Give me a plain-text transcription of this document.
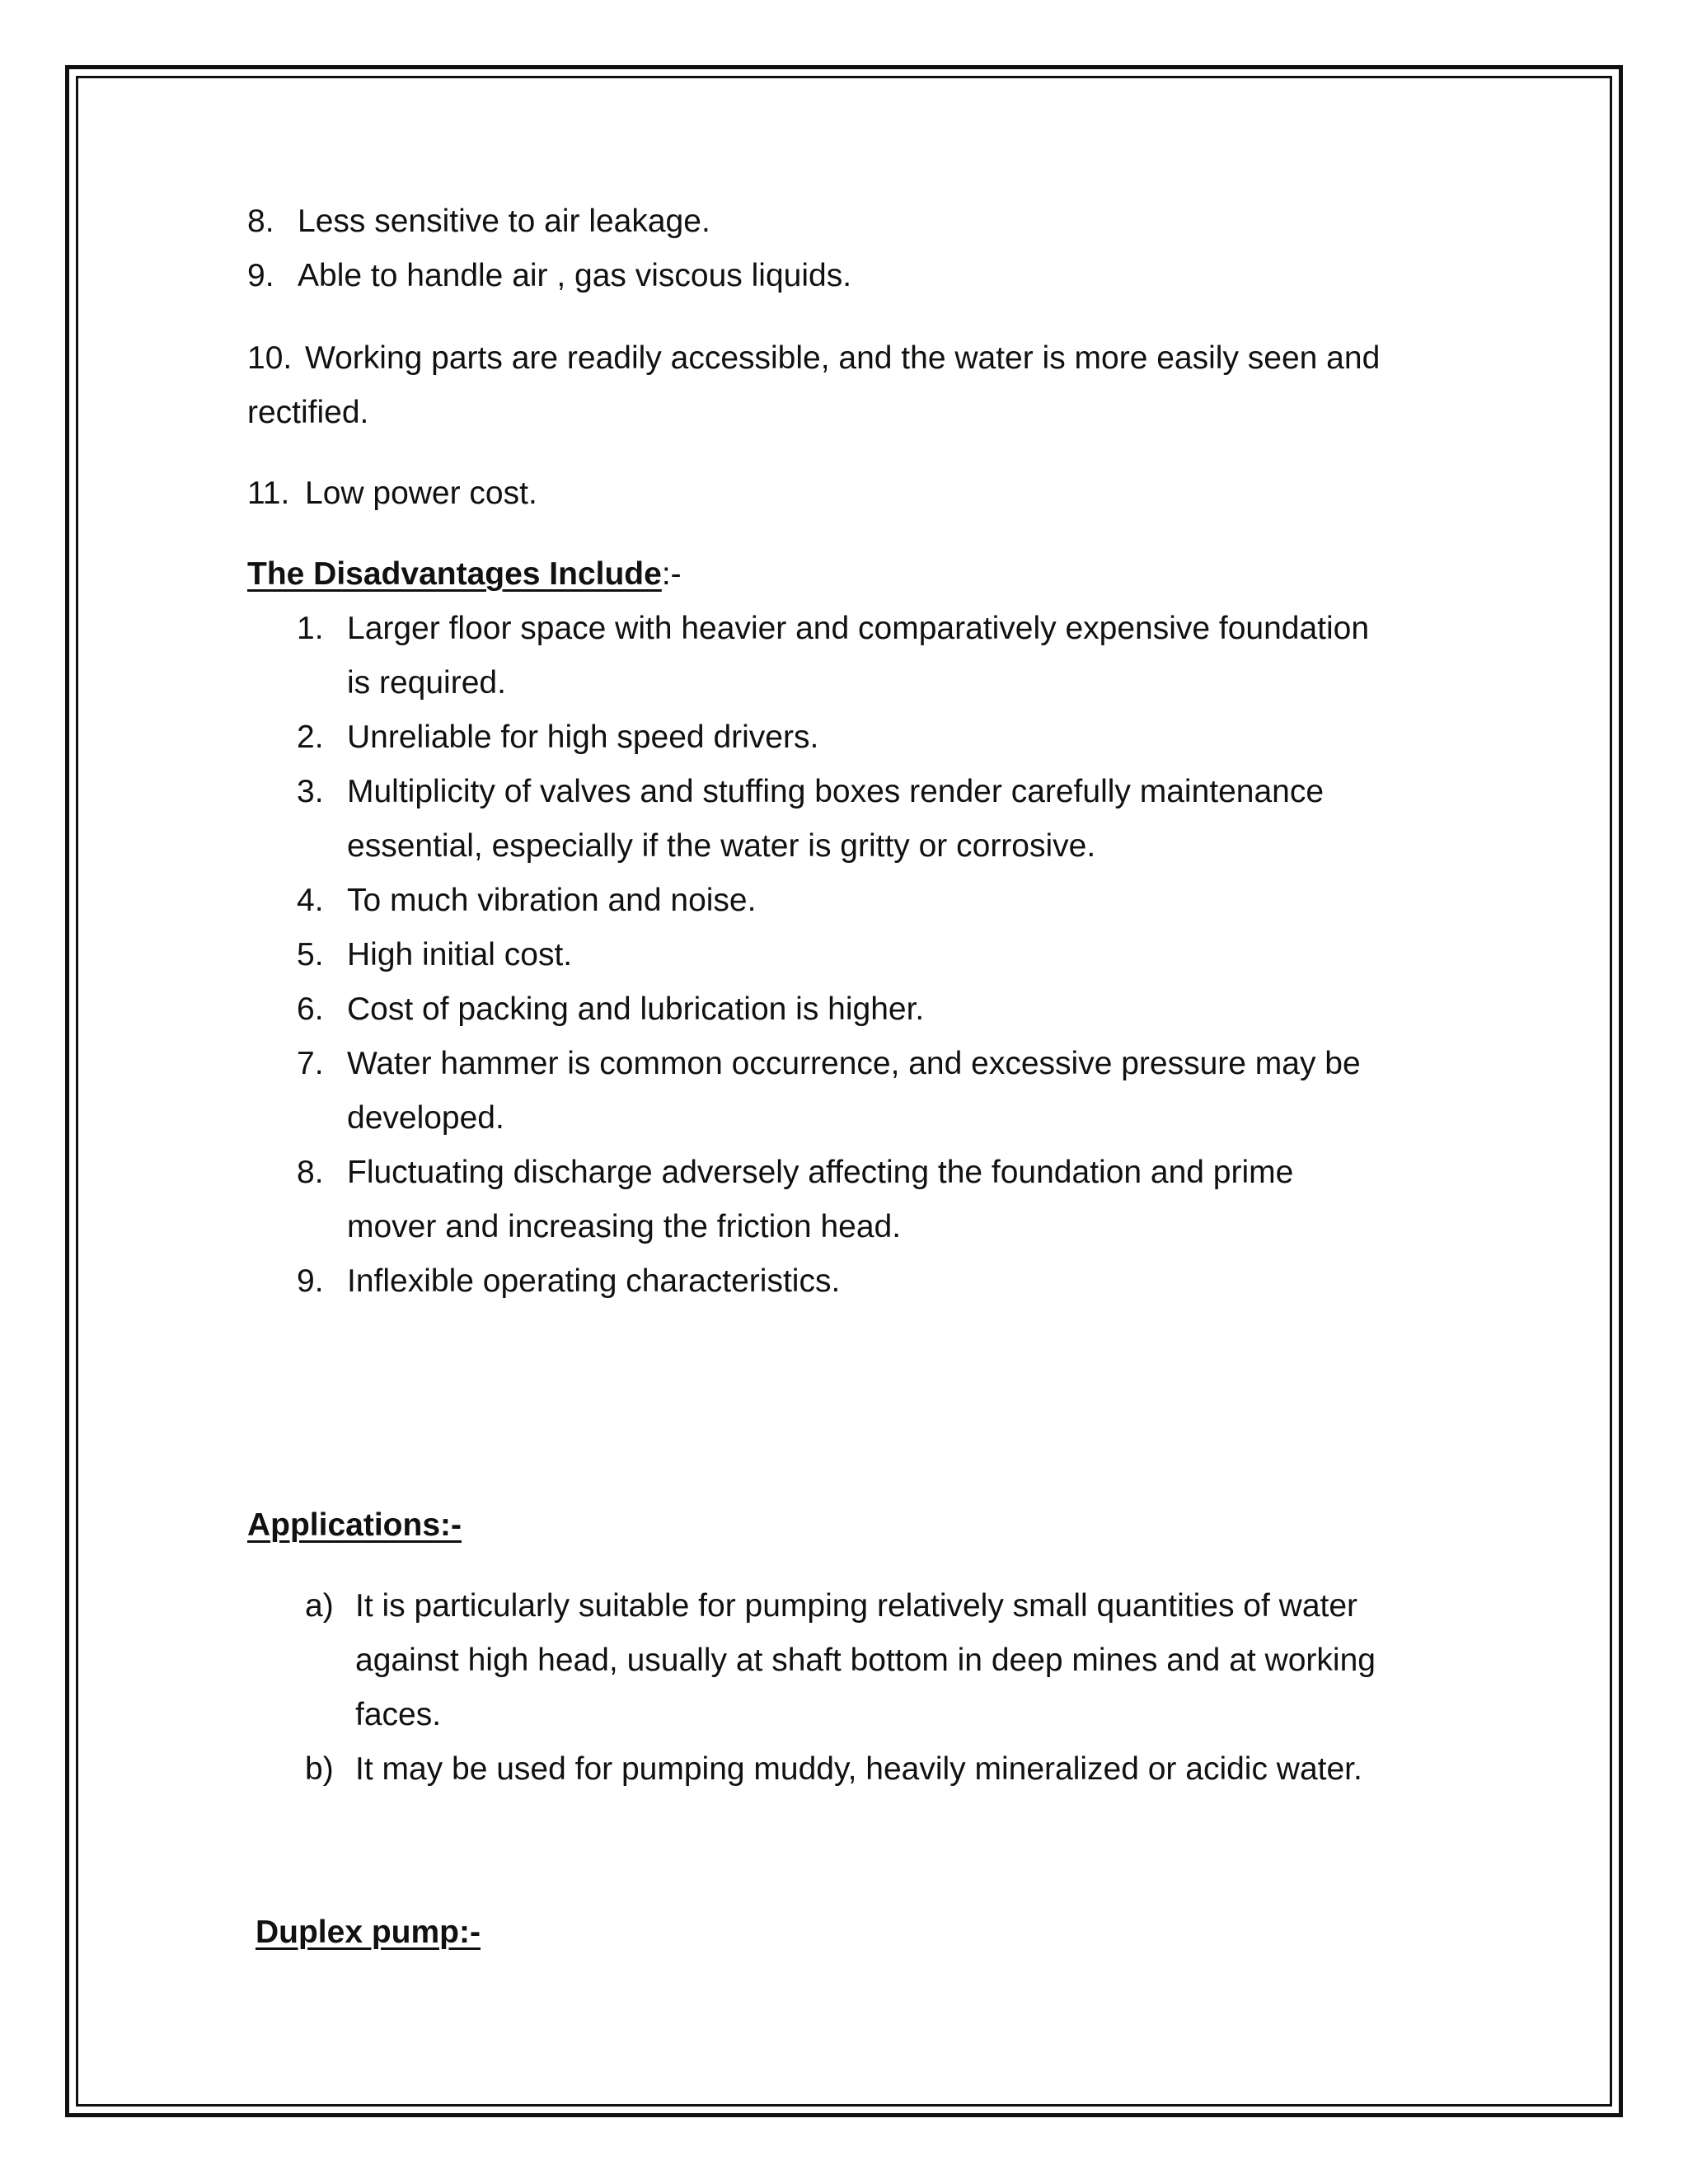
8. Less sensitive to air leakage.
9. Able to handle air , gas viscous liquids.
10. Working parts are readily accessible, and the water is more easily seen and
rectified.
11. Low power cost.
The Disadvantages Include:-
1. Larger floor space with heavier and comparatively expensive foundation
is required.
2. Unreliable for high speed drivers.
3. Multiplicity of valves and stuffing boxes render carefully maintenance
essential, especially if the water is gritty or corrosive.
4. To much vibration and noise.
5. High initial cost.
6. Cost of packing and lubrication is higher.
7. Water hammer is common occurrence, and excessive pressure may be
developed.
8. Fluctuating discharge adversely affecting the foundation and prime
mover and increasing the friction head.
9. Inflexible operating characteristics.
Applications:-
a) It is particularly suitable for pumping relatively small quantities of water
against high head, usually at shaft bottom in deep mines and at working
faces.
b) It may be used for pumping muddy, heavily mineralized or acidic water.
Duplex pump:-
